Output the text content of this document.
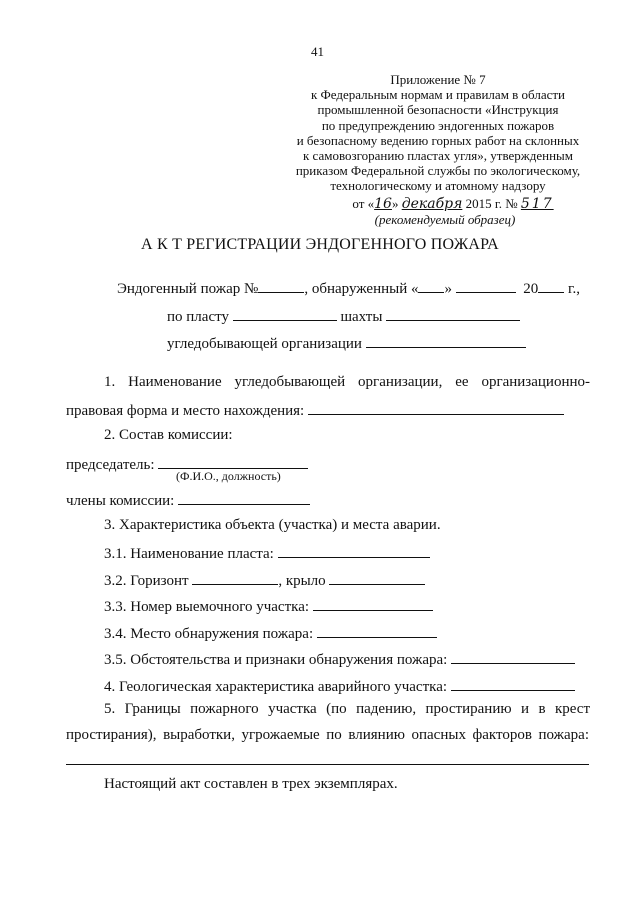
41
Приложение № 7
к Федеральным нормам и правилам в области
промышленной безопасности «Инструкция
по предупреждению эндогенных пожаров
и безопасному ведению горных работ на склонных
к самовозгоранию пластах угля», утвержденным
приказом Федеральной службы по экологическому,
технологическому и атомному надзору
от «16» декабря 2015 г. № 517
(рекомендуемый образец)
А К Т РЕГИСТРАЦИИ ЭНДОГЕННОГО ПОЖАРА
Эндогенный пожар №	, обнаруженный « »	20 г.,
по пласту	шахты
угледобывающей организации
1. Наименование угледобывающей организации, ее организационно-
правовая форма и место нахождения:
2. Состав комиссии:
председатель:
(Ф.И.О., должность)
члены комиссии:
3. Характеристика объекта (участка) и места аварии.
3.1. Наименование пласта:
3.2. Горизонт	, крыло
3.3. Номер выемочного участка:
3.4. Место обнаружения пожара:
3.5. Обстоятельства и признаки обнаружения пожара:
4. Геологическая характеристика аварийного участка:
5. Границы пожарного участка (по падению, простиранию и в крест
простирания), выработки, угрожаемые по влиянию опасных факторов пожара:
Настоящий акт составлен в трех экземплярах.
